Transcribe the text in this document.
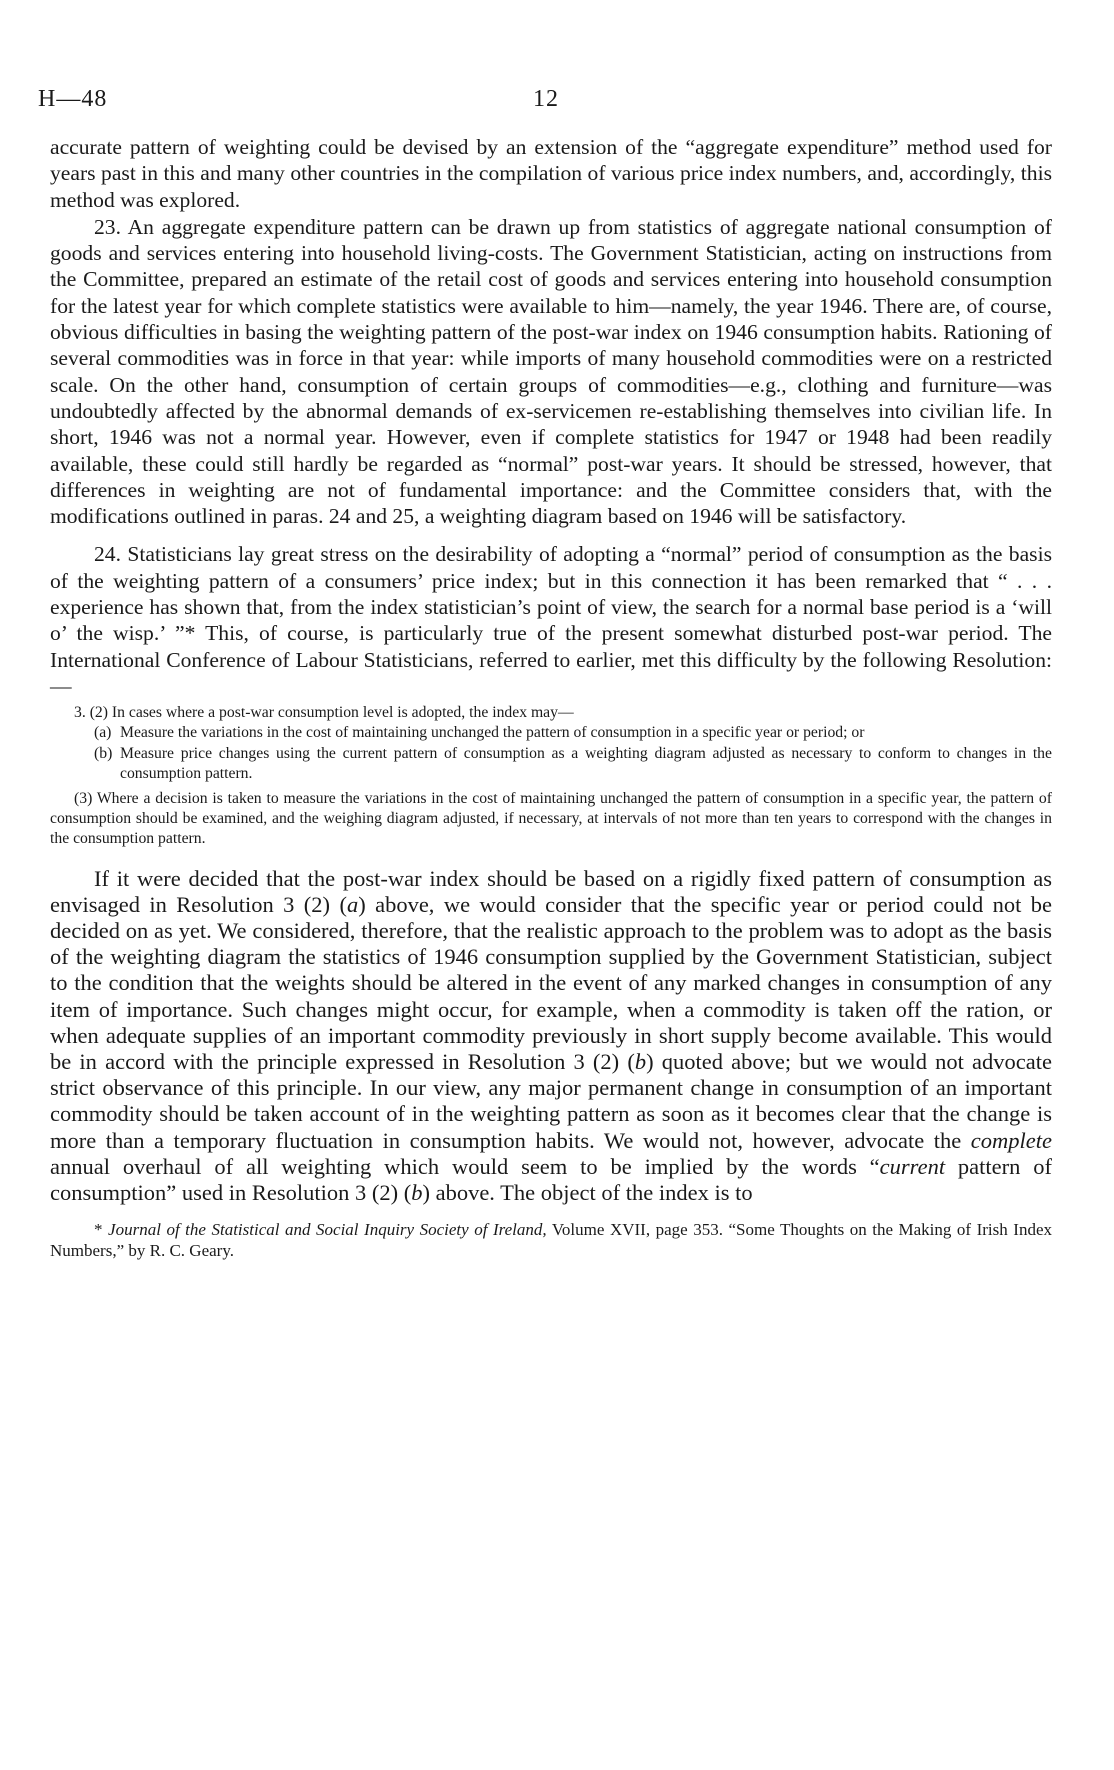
H—48	12

accurate pattern of weighting could be devised by an extension of the “aggregate expenditure” method used for years past in this and many other countries in the compilation of various price index numbers, and, accordingly, this method was explored.

23. An aggregate expenditure pattern can be drawn up from statistics of aggregate national consumption of goods and services entering into household living-costs. The Government Statistician, acting on instructions from the Committee, prepared an estimate of the retail cost of goods and services entering into household consumption for the latest year for which complete statistics were available to him—namely, the year 1946. There are, of course, obvious difficulties in basing the weighting pattern of the post-war index on 1946 consumption habits. Rationing of several commodities was in force in that year: while imports of many household commodities were on a restricted scale. On the other hand, consumption of certain groups of commodities—e.g., clothing and furniture—was undoubtedly affected by the abnormal demands of ex-servicemen re-establishing themselves into civilian life. In short, 1946 was not a normal year. However, even if complete statistics for 1947 or 1948 had been readily available, these could still hardly be regarded as “normal” post-war years. It should be stressed, however, that differences in weighting are not of fundamental importance: and the Committee considers that, with the modifications outlined in paras. 24 and 25, a weighting diagram based on 1946 will be satisfactory.

24. Statisticians lay great stress on the desirability of adopting a “normal” period of consumption as the basis of the weighting pattern of a consumers’ price index; but in this connection it has been remarked that “ . . . experience has shown that, from the index statistician’s point of view, the search for a normal base period is a ‘will o’ the wisp.’ ”* This, of course, is particularly true of the present somewhat disturbed post-war period. The International Conference of Labour Statisticians, referred to earlier, met this difficulty by the following Resolution:—

3. (2) In cases where a post-war consumption level is adopted, the index may—
(a) Measure the variations in the cost of maintaining unchanged the pattern of consumption in a specific year or period; or
(b) Measure price changes using the current pattern of consumption as a weighting diagram adjusted as necessary to conform to changes in the consumption pattern.
(3) Where a decision is taken to measure the variations in the cost of maintaining unchanged the pattern of consumption in a specific year, the pattern of consumption should be examined, and the weighing diagram adjusted, if necessary, at intervals of not more than ten years to correspond with the changes in the consumption pattern.

If it were decided that the post-war index should be based on a rigidly fixed pattern of consumption as envisaged in Resolution 3 (2) (a) above, we would consider that the specific year or period could not be decided on as yet. We considered, therefore, that the realistic approach to the problem was to adopt as the basis of the weighting diagram the statistics of 1946 consumption supplied by the Government Statistician, subject to the condition that the weights should be altered in the event of any marked changes in consumption of any item of importance. Such changes might occur, for example, when a commodity is taken off the ration, or when adequate supplies of an important commodity previously in short supply become available. This would be in accord with the principle expressed in Resolution 3 (2) (b) quoted above; but we would not advocate strict observance of this principle. In our view, any major permanent change in consumption of an important commodity should be taken account of in the weighting pattern as soon as it becomes clear that the change is more than a temporary fluctuation in consumption habits. We would not, however, advocate the complete annual overhaul of all weighting which would seem to be implied by the words “current pattern of consumption” used in Resolution 3 (2) (b) above. The object of the index is to

* Journal of the Statistical and Social Inquiry Society of Ireland, Volume XVII, page 353. “Some Thoughts on the Making of Irish Index Numbers,” by R. C. Geary.
